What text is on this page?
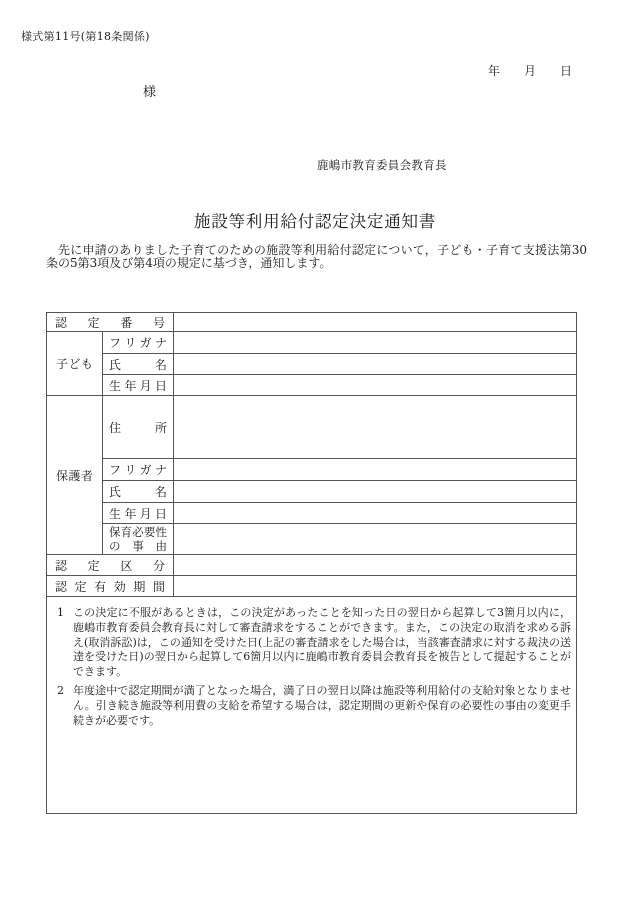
様式第11号(第18条関係)
年　　月　　日
様
鹿嶋市教育委員会教育長
施設等利用給付認定決定通知書

先に申請のありました子育てのための施設等利用給付認定について，子ども・子育て支援法第30条の5第3項及び第4項の規定に基づき，通知します。

認 定 番 号		

子 ど も	フ リ ガ ナ	

	氏 名	

	生 年 月 日	

保 護 者	住 所	

	フ リ ガ ナ	

	氏 名	

	生 年 月 日	

保 育 必 要 性
の 事 由

認 定 区 分		

認 定 有 効 期 間

1 この決定に不服があるときは，この決定があったことを知った日の翌日から起算して3箇月以内に，鹿嶋市教育委員会教育長に対して審査請求をすることができます。また，この決定の取消を求める訴え(取消訴訟)は，この通知を受けた日(上記の審査請求をした場合は，当該審査請求に対する裁決の送達を受けた日)の翌日から起算して6箇月以内に鹿嶋市教育委員会教育長を被告として提起することができます。
2 年度途中で認定期間が満了となった場合，満了日の翌日以降は施設等利用給付の支給対象となりません。引き続き施設等利用費の支給を希望する場合は，認定期間の更新や保育の必要性の事由の変更手続きが必要です。		
